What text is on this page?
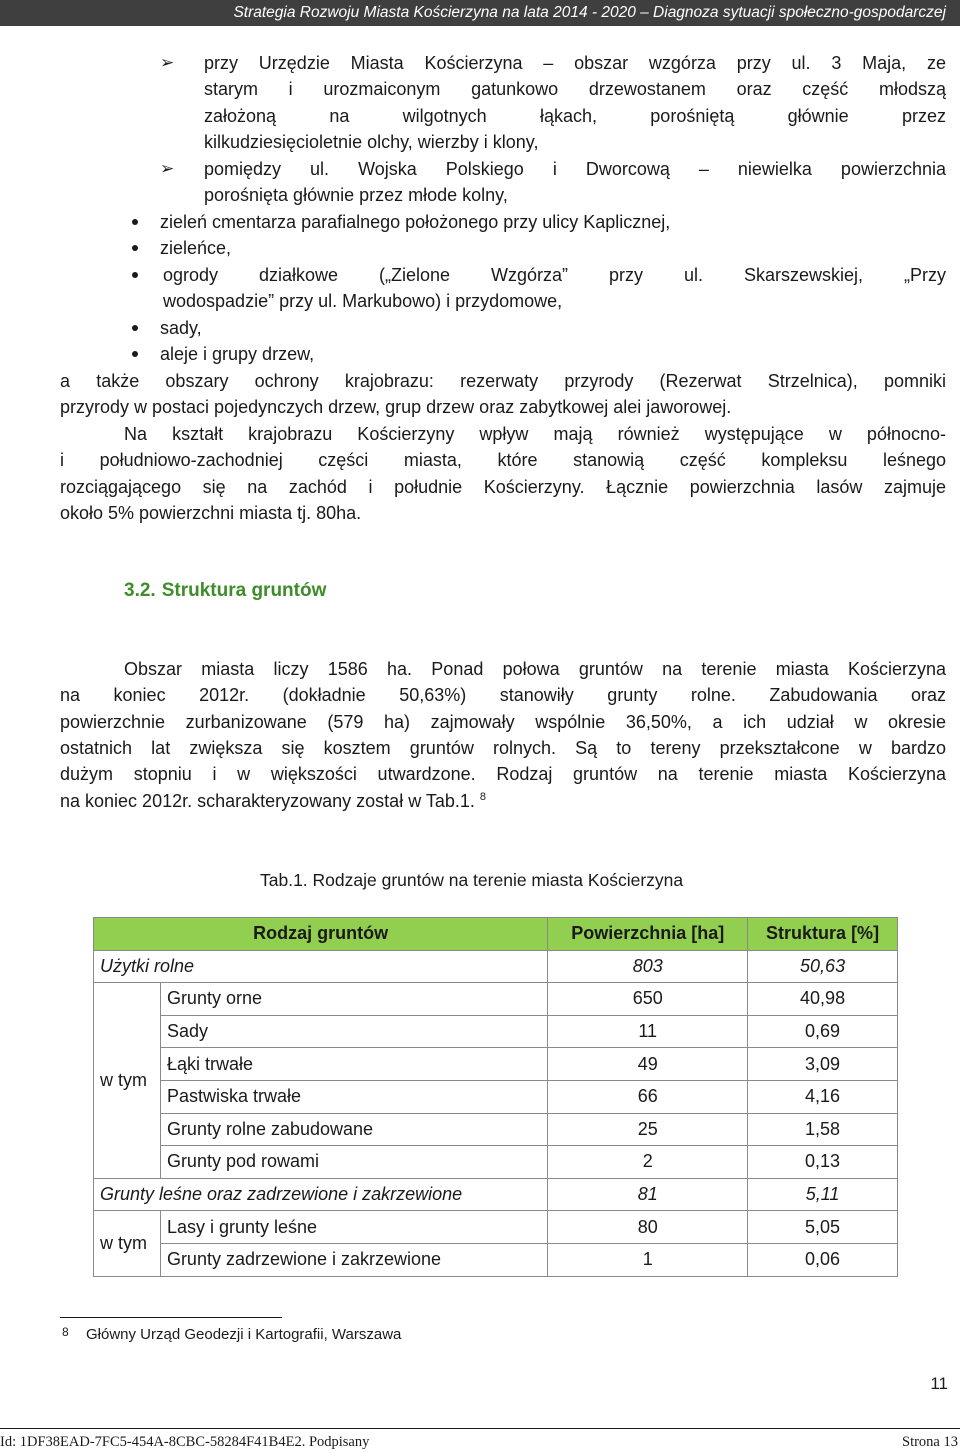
Strategia Rozwoju Miasta Kościerzyna na lata 2014 - 2020 – Diagnoza sytuacji społeczno-gospodarczej
➢ przy Urzędzie Miasta Kościerzyna – obszar wzgórza przy ul. 3 Maja, ze
starym i urozmaiconym gatunkowo drzewostanem oraz część młodszą
założoną na wilgotnych łąkach, porośniętą głównie przez
kilkudziesięcioletnie olchy, wierzby i klony,
➢ pomiędzy ul. Wojska Polskiego i Dworcową – niewielka powierzchnia
porośnięta głównie przez młode kolny,
zieleń cmentarza parafialnego położonego przy ulicy Kaplicznej,
zieleńce,
ogrody działkowe („Zielone Wzgórza” przy ul. Skarszewskiej, „Przy
wodospadzie” przy ul. Markubowo) i przydomowe,
sady,
aleje i grupy drzew,
a także obszary ochrony krajobrazu: rezerwaty przyrody (Rezerwat Strzelnica), pomniki
przyrody w postaci pojedynczych drzew, grup drzew oraz zabytkowej alei jaworowej.
Na kształt krajobrazu Kościerzyny wpływ mają również występujące w północno-
i południowo-zachodniej części miasta, które stanowią część kompleksu leśnego
rozciągającego się na zachód i południe Kościerzyny. Łącznie powierzchnia lasów zajmuje
około 5% powierzchni miasta tj. 80ha.
3.2. Struktura gruntów
Obszar miasta liczy 1586 ha. Ponad połowa gruntów na terenie miasta Kościerzyna
na koniec 2012r. (dokładnie 50,63%) stanowiły grunty rolne. Zabudowania oraz
powierzchnie zurbanizowane (579 ha) zajmowały wspólnie 36,50%, a ich udział w okresie
ostatnich lat zwiększa się kosztem gruntów rolnych. Są to tereny przekształcone w bardzo
dużym stopniu i w większości utwardzone. Rodzaj gruntów na terenie miasta Kościerzyna
na koniec 2012r. scharakteryzowany został w Tab.1. $^8$
Tab.1. Rodzaje gruntów na terenie miasta Kościerzyna
Rodzaj gruntów		Powierzchnia [ha]	Struktura [%]
Użytki rolne		803	50,63
w tym	Grunty orne	650	40,98
	Sady	11	0,69
	Łąki trwałe	49	3,09
	Pastwiska trwałe	66	4,16
	Grunty rolne zabudowane	25	1,58
	Grunty pod rowami	2	0,13
Grunty leśne oraz zadrzewione i zakrzewione		81	5,11
w tym	Lasy i grunty leśne	80	5,05
	Grunty zadrzewione i zakrzewione	1	0,06
8 Główny Urząd Geodezji i Kartografii, Warszawa
11
Id: 1DF38EAD-7FC5-454A-8CBC-58284F41B4E2. Podpisany	Strona 13
